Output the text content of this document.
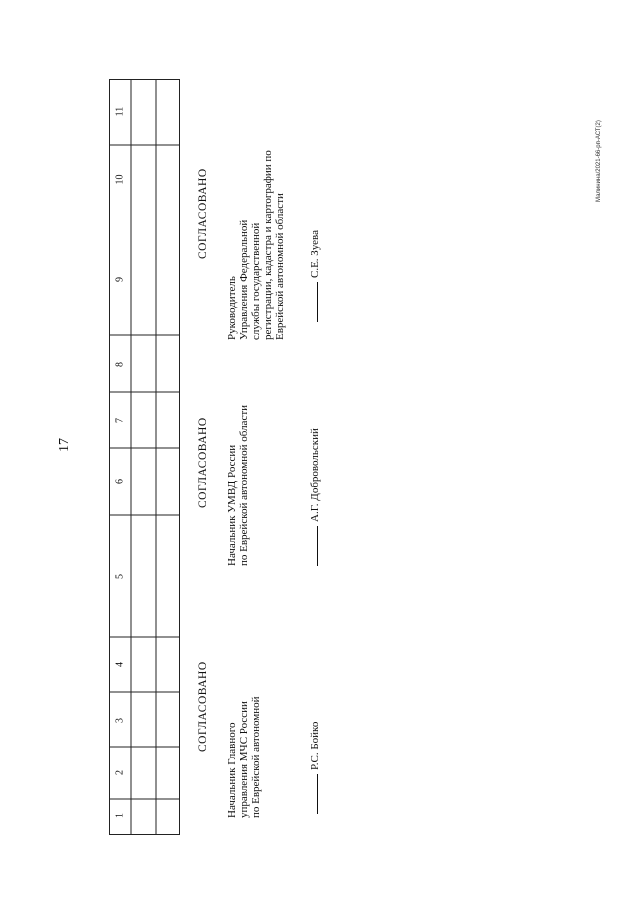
17
Малинина/2021-66-рп-АСТ(2)
1
2
3
4
5
6
7
8
9
10
11
СОГЛАСОВАНО
Начальник Главного управления МЧС России по Еврейской автономной	Р.С. Бойко
СОГЛАСОВАНО Начальник УМВД России по Еврейской автономной области	А.Г. Добровольский
СОГЛАСОВАНО
Руководитель Управления Федеральной службы государственной регистрации, кадастра и картографии по Еврейской автономной области С.Е. Зуева
